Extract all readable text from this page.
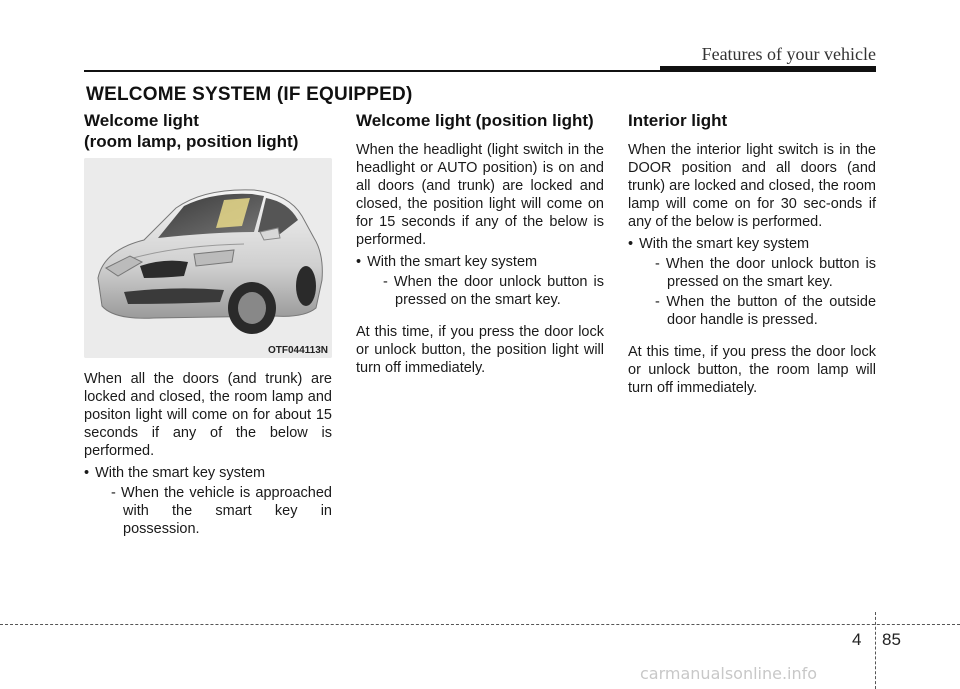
Features of your vehicle
WELCOME SYSTEM (IF EQUIPPED)
Welcome light
(room lamp, position light)
OTF044113N

When all the doors (and trunk) are locked and closed, the room lamp and positon light will come on for about 15 seconds if any of the below is performed.

• With the smart key system
- When the vehicle is approached with the smart key in possession.
Welcome light (position light)

When the headlight (light switch in the headlight or AUTO position) is on and all doors (and trunk) are locked and closed, the position light will come on for 15 seconds if any of the below is performed.

• With the smart key system
- When the door unlock button is pressed on the smart key.

At this time, if you press the door lock or unlock button, the position light will turn off immediately.

Interior light

When the interior light switch is in the DOOR position and all doors (and trunk) are locked and closed, the room lamp will come on for 30 sec-onds if any of the below is performed.

• With the smart key system
- When the door unlock button is pressed on the smart key.
- When the button of the outside door handle is pressed.

At this time, if you press the door lock or unlock button, the room lamp will turn off immediately.

4 85
carmanualsonline.info
